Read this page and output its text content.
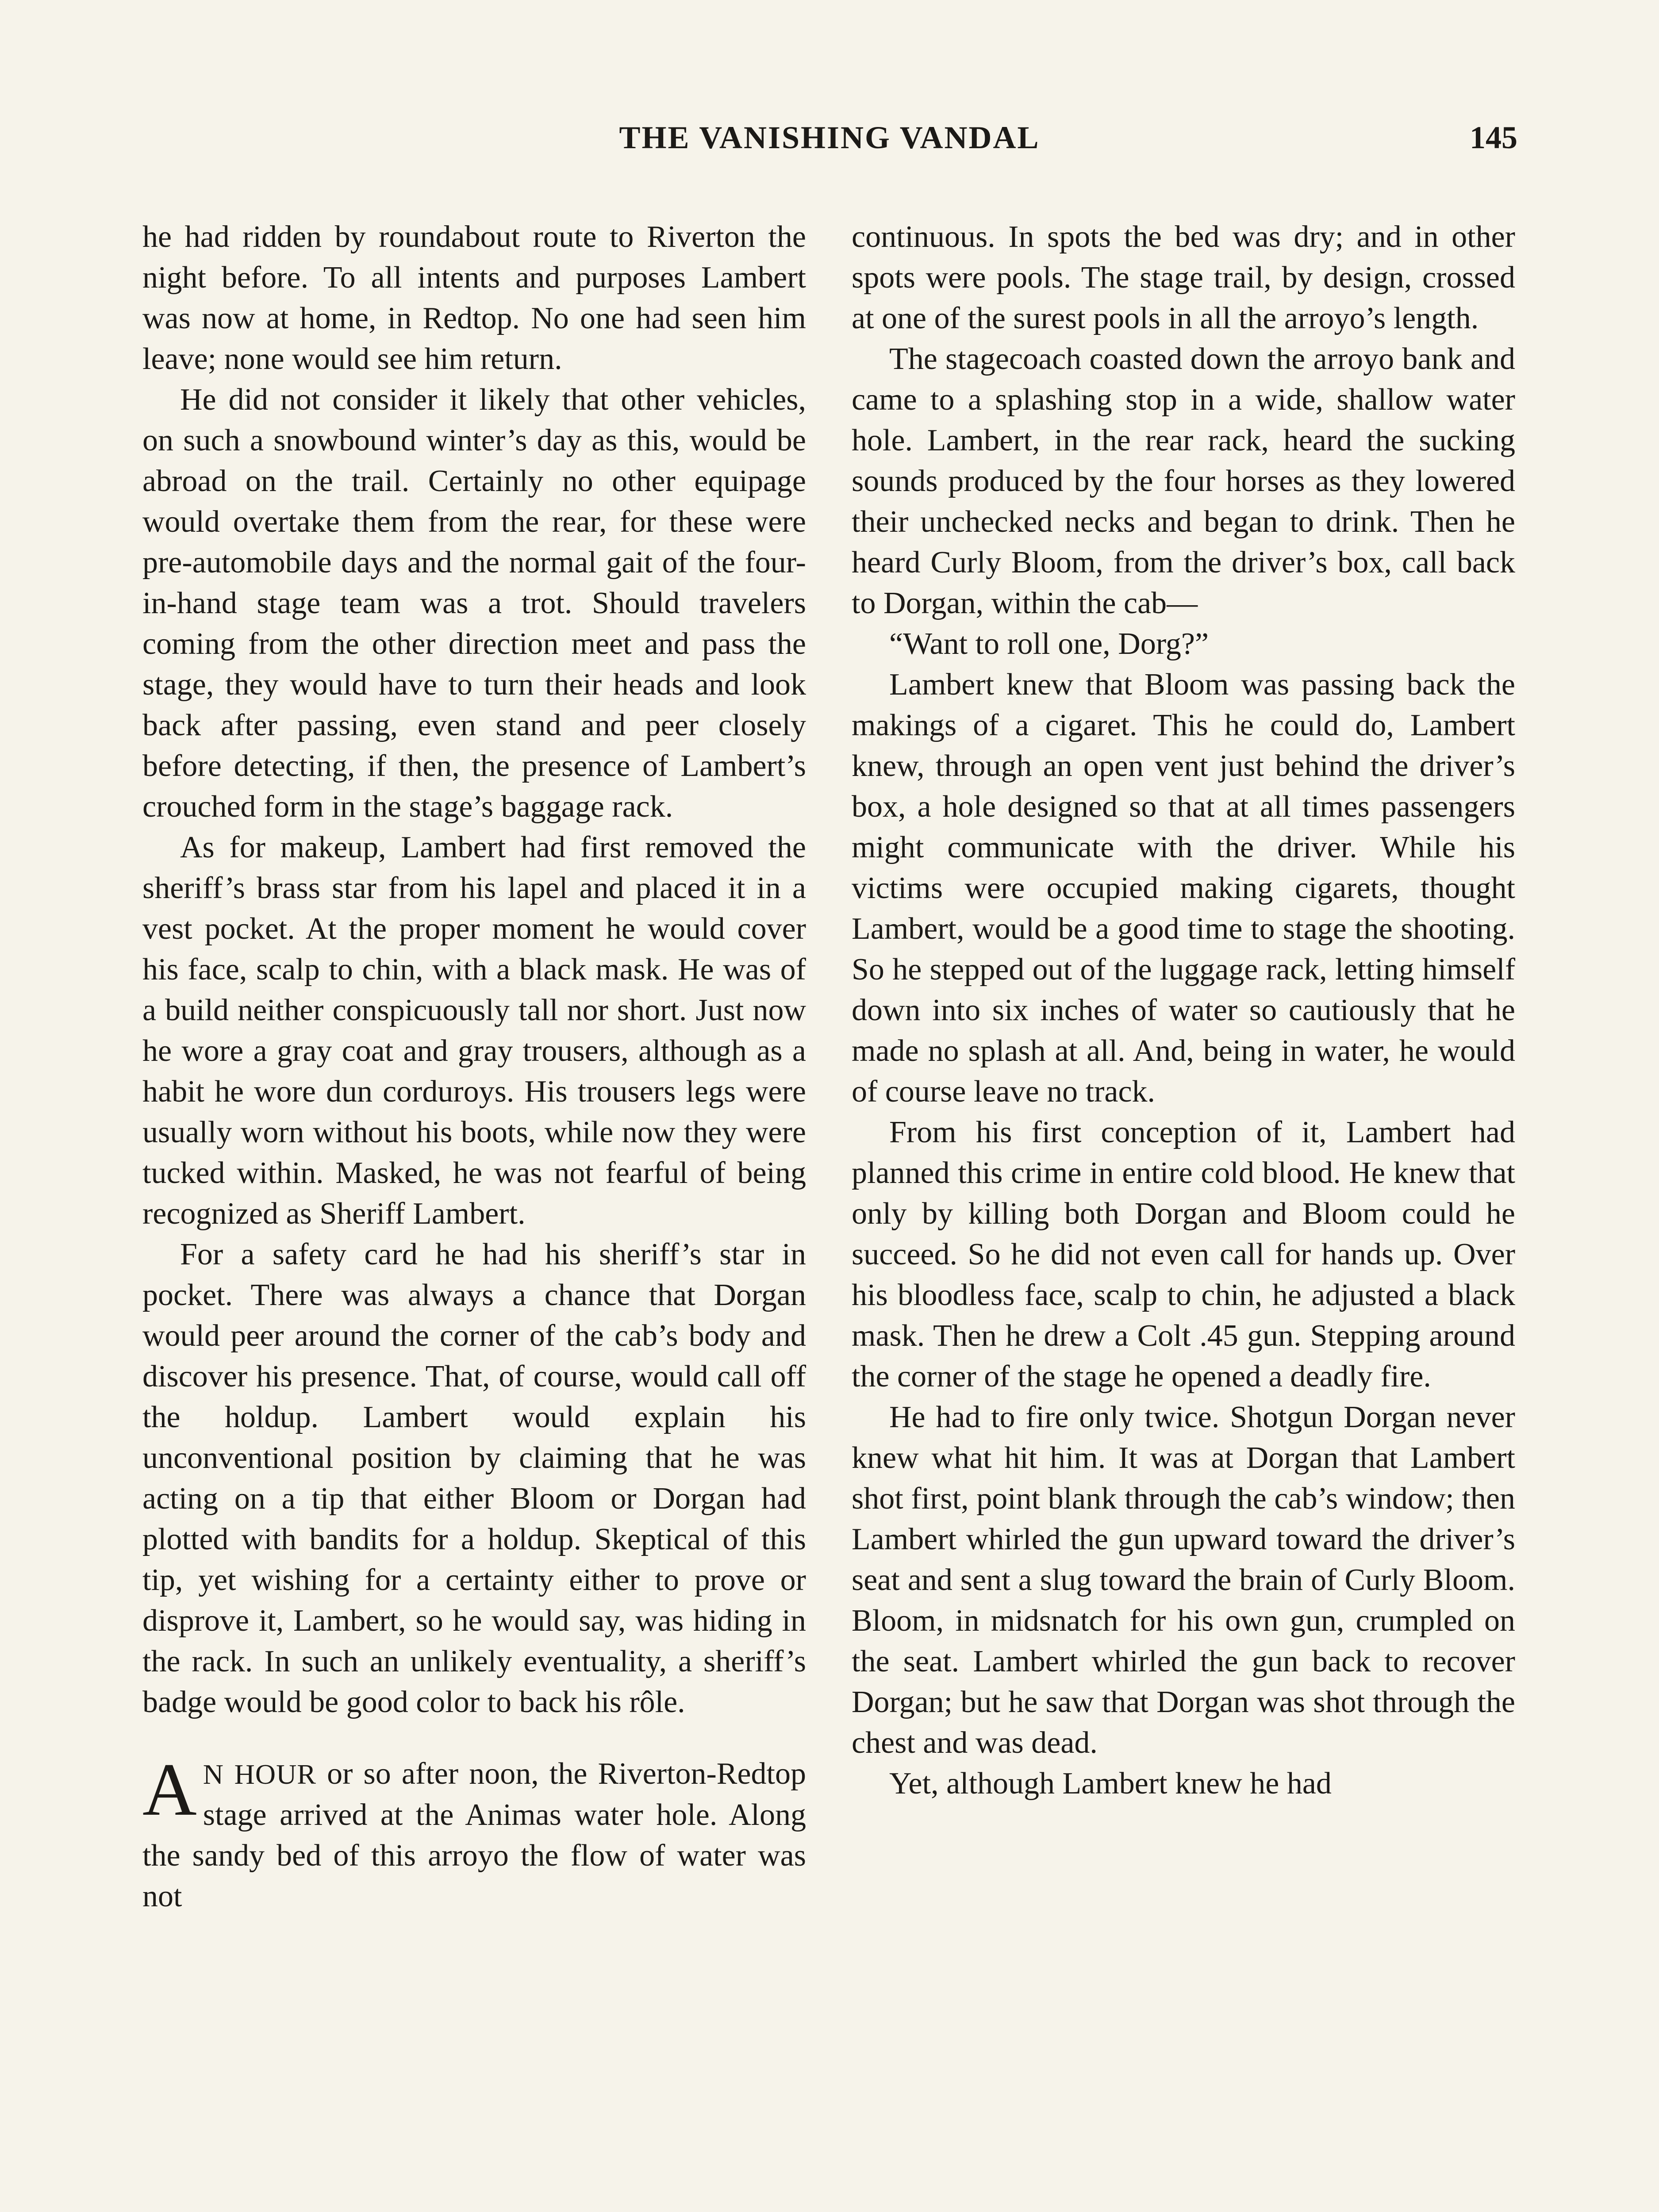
THE VANISHING VANDAL	145

he had ridden by roundabout route to Riverton the night before. To all intents and purposes Lambert was now at home, in Redtop. No one had seen him leave; none would see him return.

He did not consider it likely that other vehicles, on such a snowbound winter’s day as this, would be abroad on the trail. Certainly no other equipage would overtake them from the rear, for these were pre-automobile days and the normal gait of the four-in-hand stage team was a trot. Should travelers coming from the other direction meet and pass the stage, they would have to turn their heads and look back after passing, even stand and peer closely before detecting, if then, the presence of Lambert’s crouched form in the stage’s baggage rack.

As for makeup, Lambert had first removed the sheriff’s brass star from his lapel and placed it in a vest pocket. At the proper moment he would cover his face, scalp to chin, with a black mask. He was of a build neither conspicuously tall nor short. Just now he wore a gray coat and gray trousers, although as a habit he wore dun corduroys. His trousers legs were usually worn without his boots, while now they were tucked within. Masked, he was not fearful of being recognized as Sheriff Lambert.

For a safety card he had his sheriff’s star in pocket. There was always a chance that Dorgan would peer around the corner of the cab’s body and discover his presence. That, of course, would call off the holdup. Lambert would explain his unconventional position by claiming that he was acting on a tip that either Bloom or Dorgan had plotted with bandits for a holdup. Skeptical of this tip, yet wishing for a certainty either to prove or disprove it, Lambert, so he would say, was hiding in the rack. In such an unlikely eventuality, a sheriff’s badge would be good color to back his rôle.

A N HOUR or so after noon, the Riverton-Redtop stage arrived at the Animas water hole. Along the sandy bed of this arroyo the flow of water was not

continuous. In spots the bed was dry; and in other spots were pools. The stage trail, by design, crossed at one of the surest pools in all the arroyo’s length.

The stagecoach coasted down the arroyo bank and came to a splashing stop in a wide, shallow water hole. Lambert, in the rear rack, heard the sucking sounds produced by the four horses as they lowered their unchecked necks and began to drink. Then he heard Curly Bloom, from the driver’s box, call back to Dorgan, within the cab—

“Want to roll one, Dorg?”

Lambert knew that Bloom was passing back the makings of a cigaret. This he could do, Lambert knew, through an open vent just behind the driver’s box, a hole designed so that at all times passengers might communicate with the driver. While his victims were occupied making cigarets, thought Lambert, would be a good time to stage the shooting. So he stepped out of the luggage rack, letting himself down into six inches of water so cautiously that he made no splash at all. And, being in water, he would of course leave no track.

From his first conception of it, Lambert had planned this crime in entire cold blood. He knew that only by killing both Dorgan and Bloom could he succeed. So he did not even call for hands up. Over his bloodless face, scalp to chin, he adjusted a black mask. Then he drew a Colt .45 gun. Stepping around the corner of the stage he opened a deadly fire.

He had to fire only twice. Shotgun Dorgan never knew what hit him. It was at Dorgan that Lambert shot first, point blank through the cab’s window; then Lambert whirled the gun upward toward the driver’s seat and sent a slug toward the brain of Curly Bloom. Bloom, in midsnatch for his own gun, crumpled on the seat. Lambert whirled the gun back to recover Dorgan; but he saw that Dorgan was shot through the chest and was dead.

Yet, although Lambert knew he had
